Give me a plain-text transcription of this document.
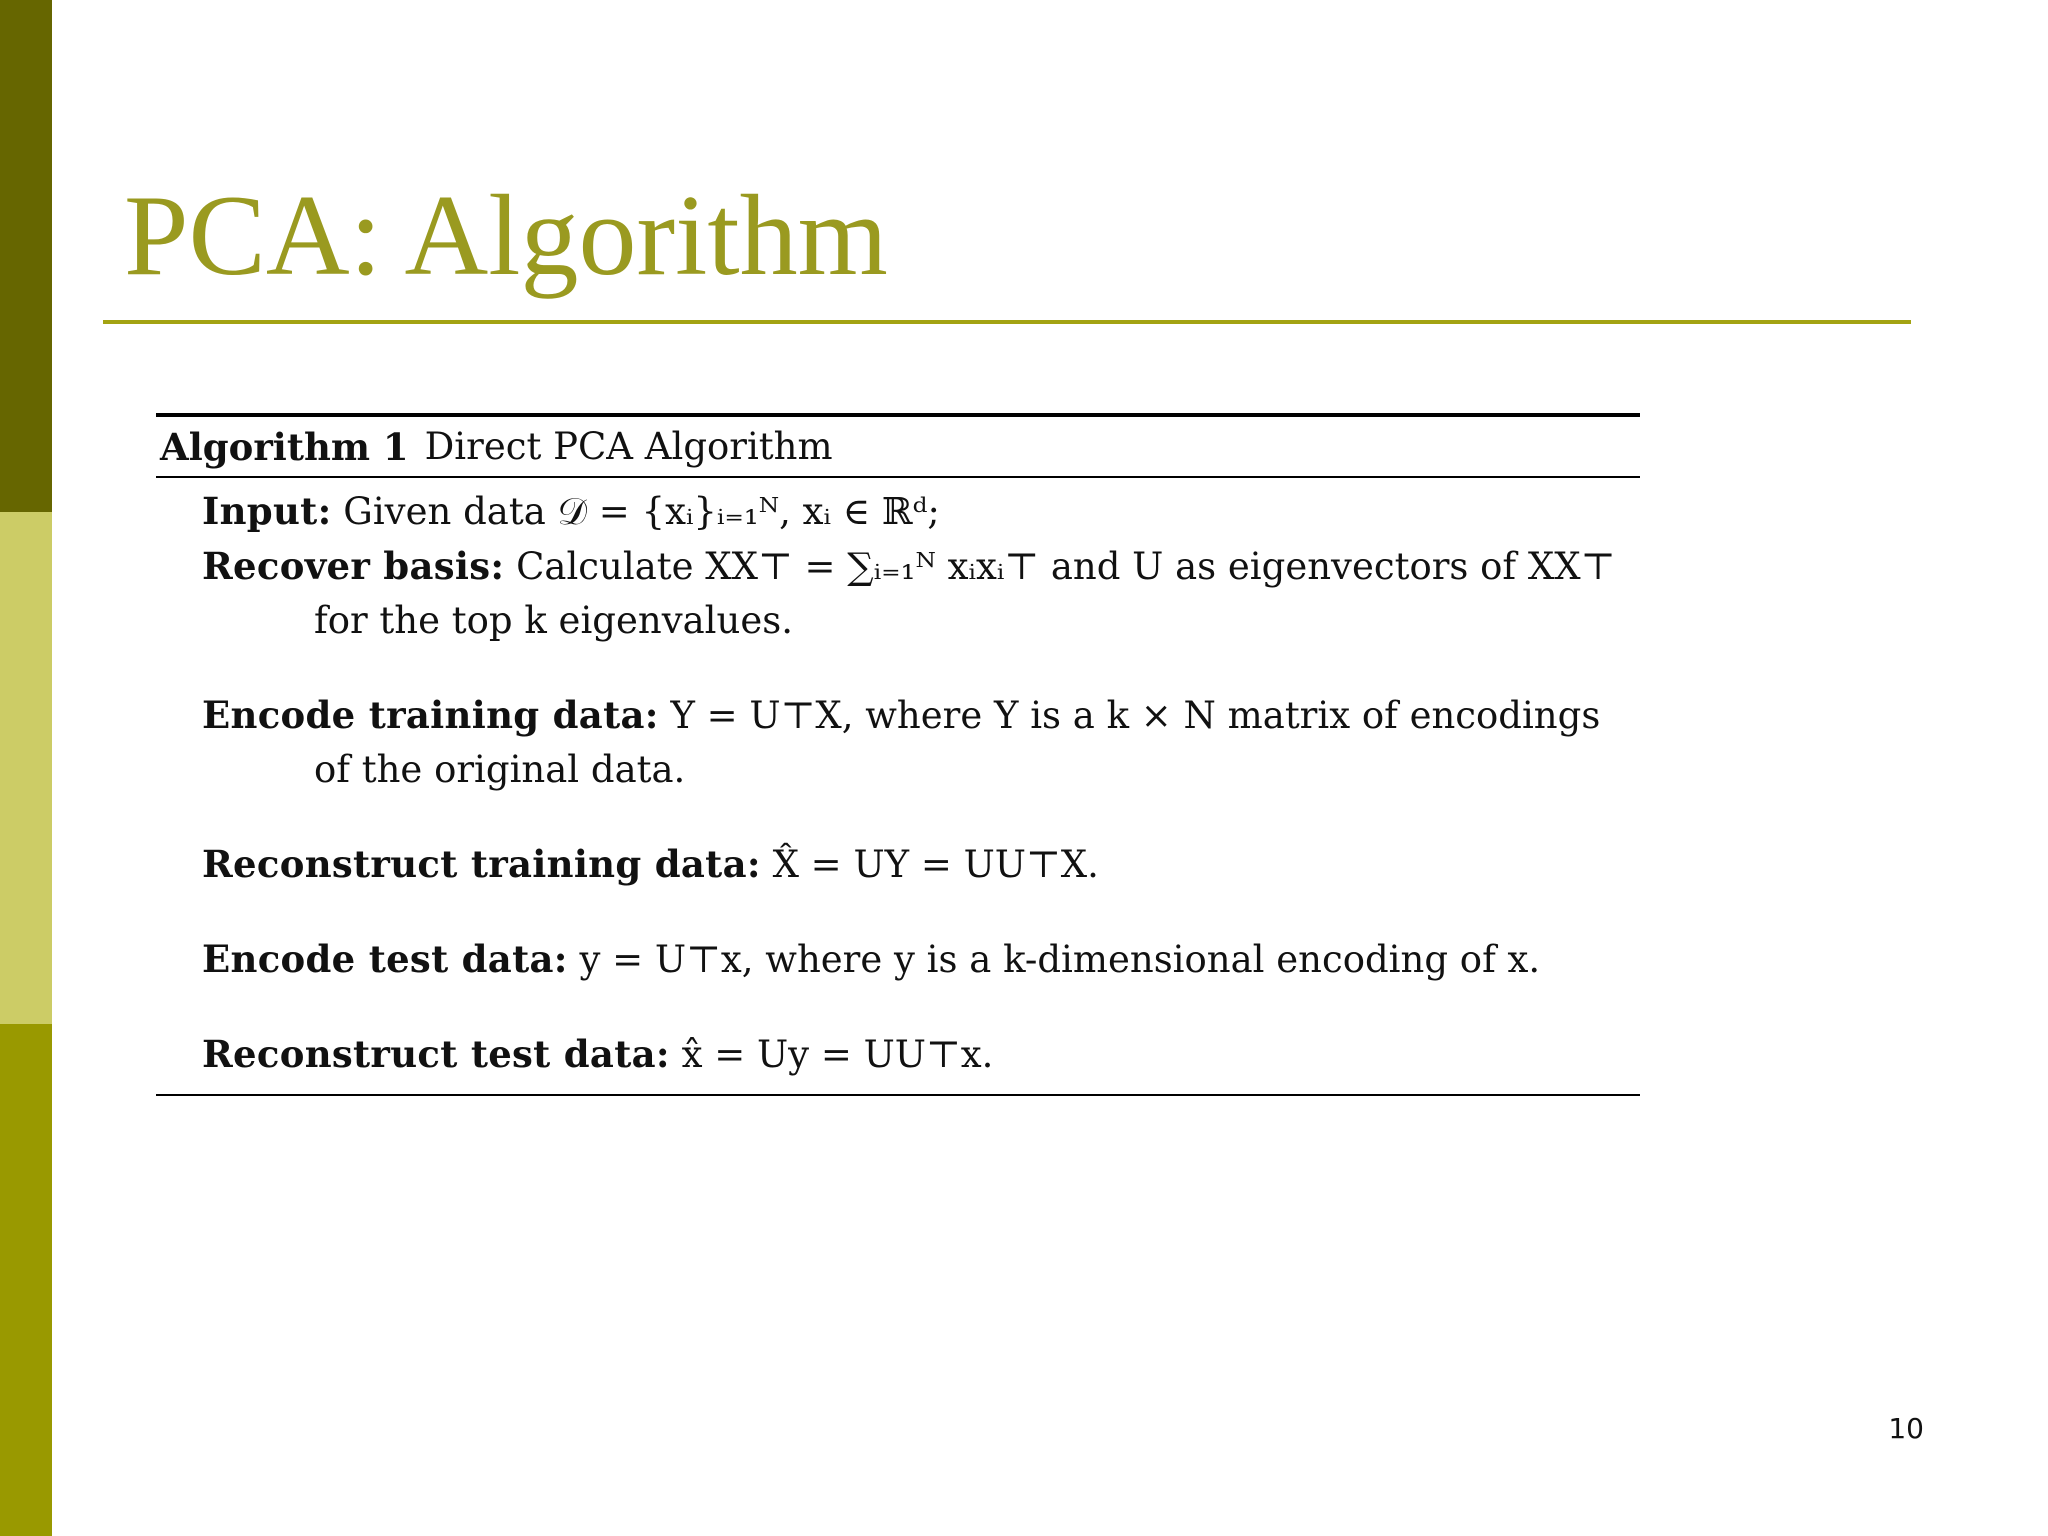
PCA: Algorithm
Algorithm 1 Direct PCA Algorithm
Input: Given data 𝒟 = {xᵢ}ᵢ₌₁ᴺ, xᵢ ∈ ℝᵈ;
Recover basis: Calculate XX⊤ = ∑ᵢ₌₁ᴺ xᵢxᵢ⊤ and U as eigenvectors of XX⊤ for the top k eigenvalues.
Encode training data: Y = U⊤X, where Y is a k × N matrix of encodings of the original data.
Reconstruct training data: X̂ = UY = UU⊤X.
Encode test data: y = U⊤x, where y is a k-dimensional encoding of x.
Reconstruct test data: x̂ = Uy = UU⊤x.
10
